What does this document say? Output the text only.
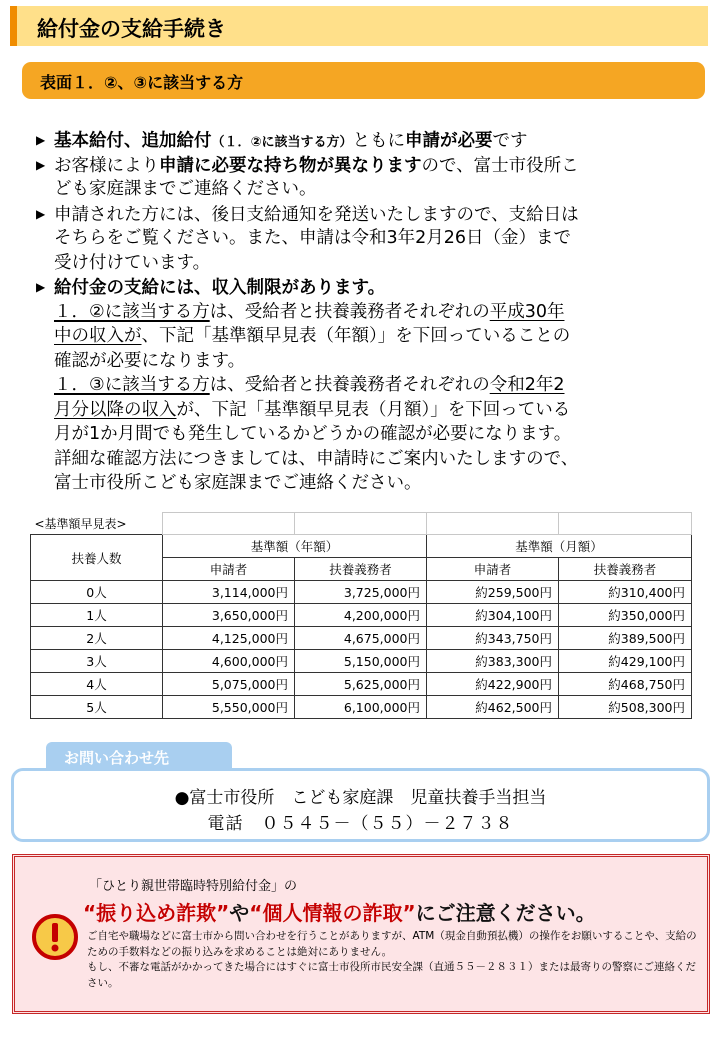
給付金の支給手続き
表面１．②、③に該当する方
▶ 基本給付、追加給付（１．②に該当する方）ともに申請が必要です
▶ お客様により申請に必要な持ち物が異なりますので、富士市役所こ
ども家庭課までご連絡ください。
▶ 申請された方には、後日支給通知を発送いたしますので、支給日は
そちらをご覧ください。また、申請は令和3年2月26日（金）まで
受け付けています。
▶ 給付金の支給には、収入制限があります。
１．②に該当する方は、受給者と扶養義務者それぞれの平成30年
中の収入が、下記「基準額早見表（年額）」を下回っていることの
確認が必要になります。
１．③に該当する方は、受給者と扶養義務者それぞれの令和2年2
月分以降の収入が、下記「基準額早見表（月額）」を下回っている
月が1か月間でも発生しているかどうかの確認が必要になります。
詳細な確認方法につきましては、申請時にご案内いたしますので、
富士市役所こども家庭課までご連絡ください。
<基準額早見表>				
扶養人数	基準額（年額）		基準額（月額）	
	申請者	扶養義務者	申請者	扶養義務者
0人	3,114,000円	3,725,000円	約259,500円	約310,400円
1人	3,650,000円	4,200,000円	約304,100円	約350,000円
2人	4,125,000円	4,675,000円	約343,750円	約389,500円
3人	4,600,000円	5,150,000円	約383,300円	約429,100円
4人	5,075,000円	5,625,000円	約422,900円	約468,750円
5人	5,550,000円	6,100,000円	約462,500円	約508,300円
お問い合わせ先
●富士市役所　こども家庭課　児童扶養手当担当
電話　０５４５－（５５）－２７３８
「ひとり親世帯臨時特別給付金」の
“振り込め詐欺”や“個人情報の詐取”にご注意ください。
ご自宅や職場などに富士市から問い合わせを行うことがありますが、ATM（現金自動預払機）の操作をお願いすることや、支給のための手数料などの振り込みを求めることは絶対にありません。
もし、不審な電話がかかってきた場合にはすぐに富士市役所市民安全課（直通５５－２８３１）または最寄りの警察にご連絡ください。
